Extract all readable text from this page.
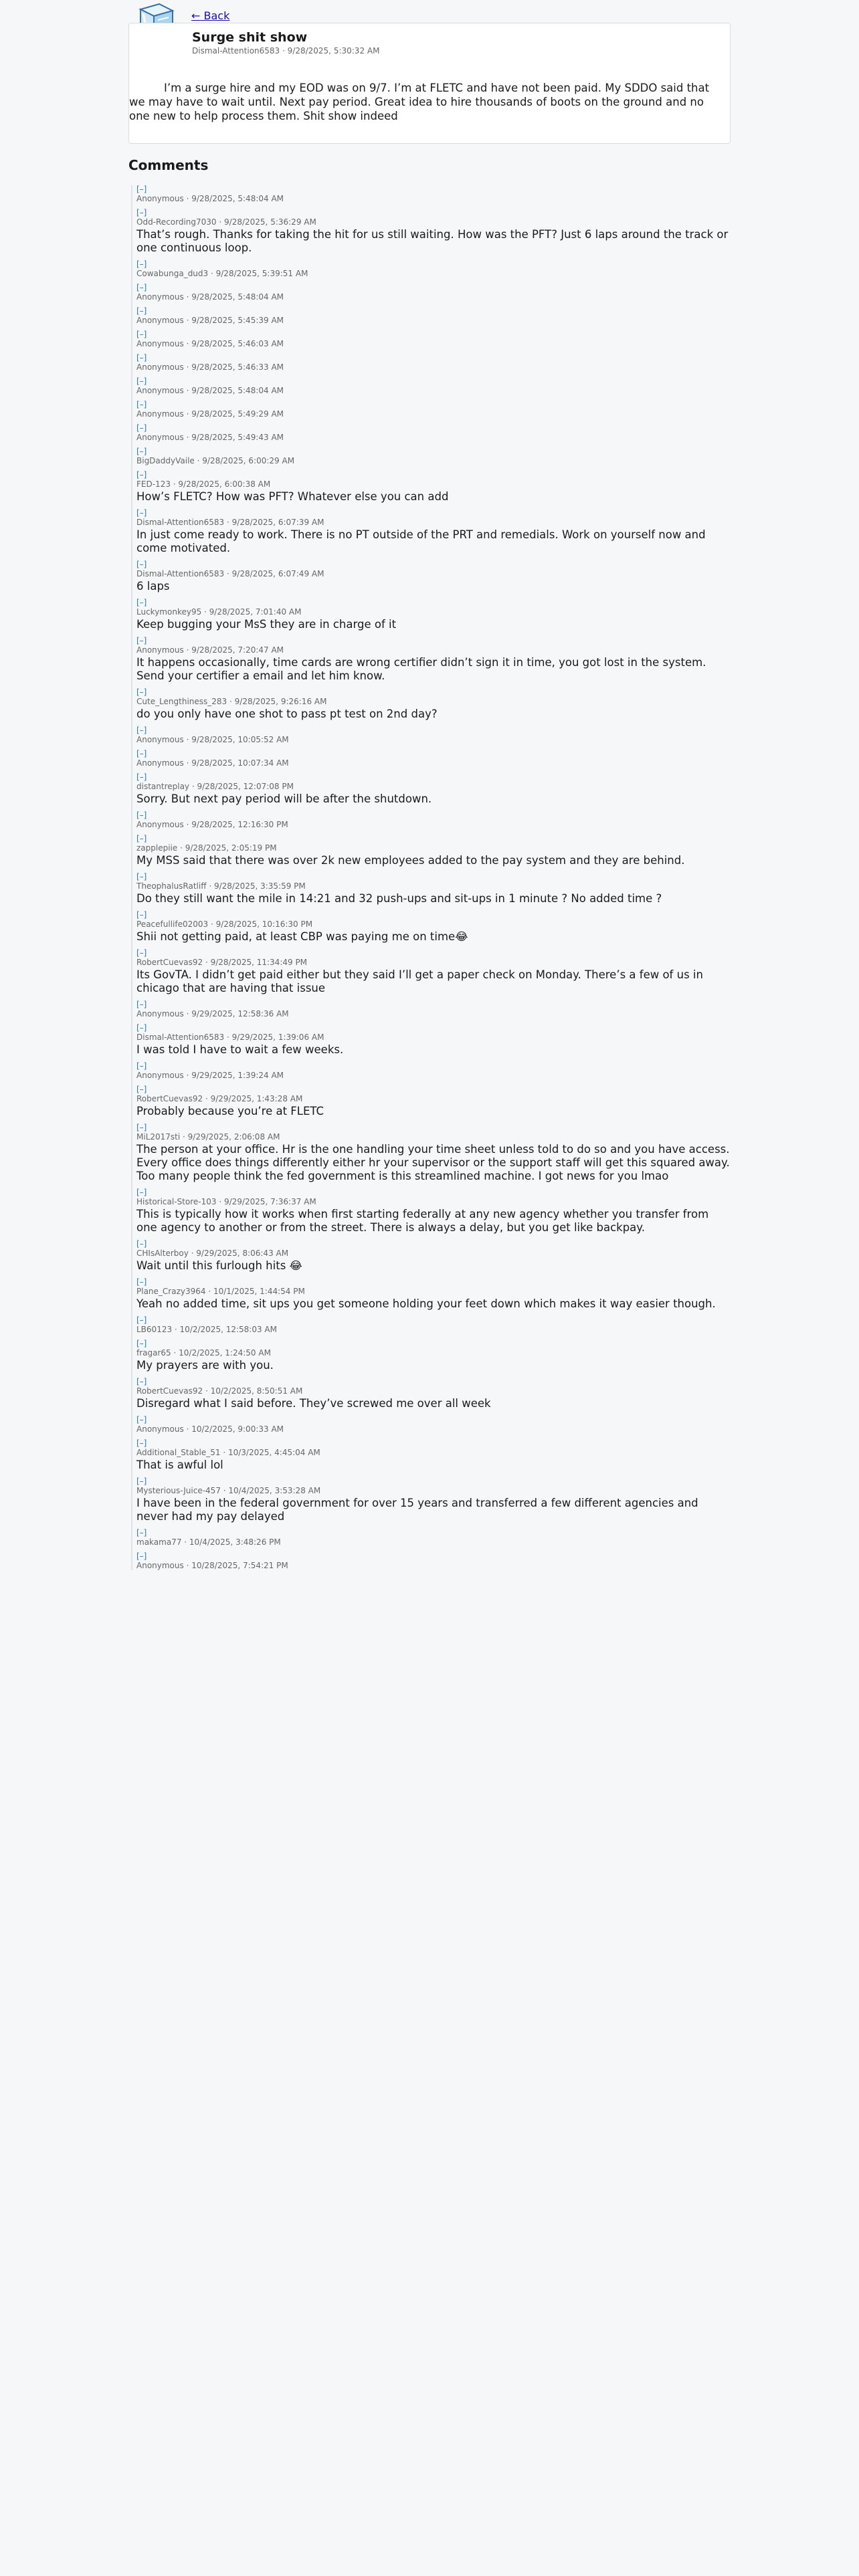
← Back
Surge shit show
Dismal-Attention6583 · 9/28/2025, 5:30:32 AM
I’m a surge hire and my EOD was on 9/7. I’m at FLETC and have not been paid. My SDDO said that we may have to wait until. Next pay period. Great idea to hire thousands of boots on the ground and no one new to help process them. Shit show indeed
Comments
[–]
Anonymous · 9/28/2025, 5:48:04 AM
[–]
Odd-Recording7030 · 9/28/2025, 5:36:29 AM
That’s rough. Thanks for taking the hit for us still waiting. How was the PFT? Just 6 laps around the track or one continuous loop.
[–]
Cowabunga_dud3 · 9/28/2025, 5:39:51 AM
[–]
Anonymous · 9/28/2025, 5:48:04 AM
[–]
Anonymous · 9/28/2025, 5:45:39 AM
[–]
Anonymous · 9/28/2025, 5:46:03 AM
[–]
Anonymous · 9/28/2025, 5:46:33 AM
[–]
Anonymous · 9/28/2025, 5:48:04 AM
[–]
Anonymous · 9/28/2025, 5:49:29 AM
[–]
Anonymous · 9/28/2025, 5:49:43 AM
[–]
BigDaddyVaile · 9/28/2025, 6:00:29 AM
[–]
FED-123 · 9/28/2025, 6:00:38 AM
How’s FLETC? How was PFT? Whatever else you can add
[–]
Dismal-Attention6583 · 9/28/2025, 6:07:39 AM
In just come ready to work. There is no PT outside of the PRT and remedials. Work on yourself now and come motivated.
[–]
Dismal-Attention6583 · 9/28/2025, 6:07:49 AM
6 laps
[–]
Luckymonkey95 · 9/28/2025, 7:01:40 AM
Keep bugging your MsS they are in charge of it
[–]
Anonymous · 9/28/2025, 7:20:47 AM
It happens occasionally, time cards are wrong certifier didn’t sign it in time, you got lost in the system. Send your certifier a email and let him know.
[–]
Cute_Lengthiness_283 · 9/28/2025, 9:26:16 AM
do you only have one shot to pass pt test on 2nd day?
[–]
Anonymous · 9/28/2025, 10:05:52 AM
[–]
Anonymous · 9/28/2025, 10:07:34 AM
[–]
distantreplay · 9/28/2025, 12:07:08 PM
Sorry. But next pay period will be after the shutdown.
[–]
Anonymous · 9/28/2025, 12:16:30 PM
[–]
zapplepiie · 9/28/2025, 2:05:19 PM
My MSS said that there was over 2k new employees added to the pay system and they are behind.
[–]
TheophalusRatliff · 9/28/2025, 3:35:59 PM
Do they still want the mile in 14:21 and 32 push-ups and sit-ups in 1 minute ? No added time ?
[–]
Peacefullife02003 · 9/28/2025, 10:16:30 PM
Shii not getting paid, at least CBP was paying me on time😂
[–]
RobertCuevas92 · 9/28/2025, 11:34:49 PM
Its GovTA. I didn’t get paid either but they said I’ll get a paper check on Monday. There’s a few of us in chicago that are having that issue
[–]
Anonymous · 9/29/2025, 12:58:36 AM
[–]
Dismal-Attention6583 · 9/29/2025, 1:39:06 AM
I was told I have to wait a few weeks.
[–]
Anonymous · 9/29/2025, 1:39:24 AM
[–]
RobertCuevas92 · 9/29/2025, 1:43:28 AM
Probably because you’re at FLETC
[–]
MiL2017sti · 9/29/2025, 2:06:08 AM
The person at your office. Hr is the one handling your time sheet unless told to do so and you have access. Every office does things differently either hr your supervisor or the support staff will get this squared away. Too many people think the fed government is this streamlined machine. I got news for you lmao
[–]
Historical-Store-103 · 9/29/2025, 7:36:37 AM
This is typically how it works when first starting federally at any new agency whether you transfer from one agency to another or from the street. There is always a delay, but you get like backpay.
[–]
CHIsAlterboy · 9/29/2025, 8:06:43 AM
Wait until this furlough hits 😂
[–]
Plane_Crazy3964 · 10/1/2025, 1:44:54 PM
Yeah no added time, sit ups you get someone holding your feet down which makes it way easier though.
[–]
LB60123 · 10/2/2025, 12:58:03 AM
[–]
fragar65 · 10/2/2025, 1:24:50 AM
My prayers are with you.
[–]
RobertCuevas92 · 10/2/2025, 8:50:51 AM
Disregard what I said before. They’ve screwed me over all week
[–]
Anonymous · 10/2/2025, 9:00:33 AM
[–]
Additional_Stable_51 · 10/3/2025, 4:45:04 AM
That is awful lol
[–]
Mysterious-Juice-457 · 10/4/2025, 3:53:28 AM
I have been in the federal government for over 15 years and transferred a few different agencies and never had my pay delayed
[–]
makama77 · 10/4/2025, 3:48:26 PM
[–]
Anonymous · 10/28/2025, 7:54:21 PM
